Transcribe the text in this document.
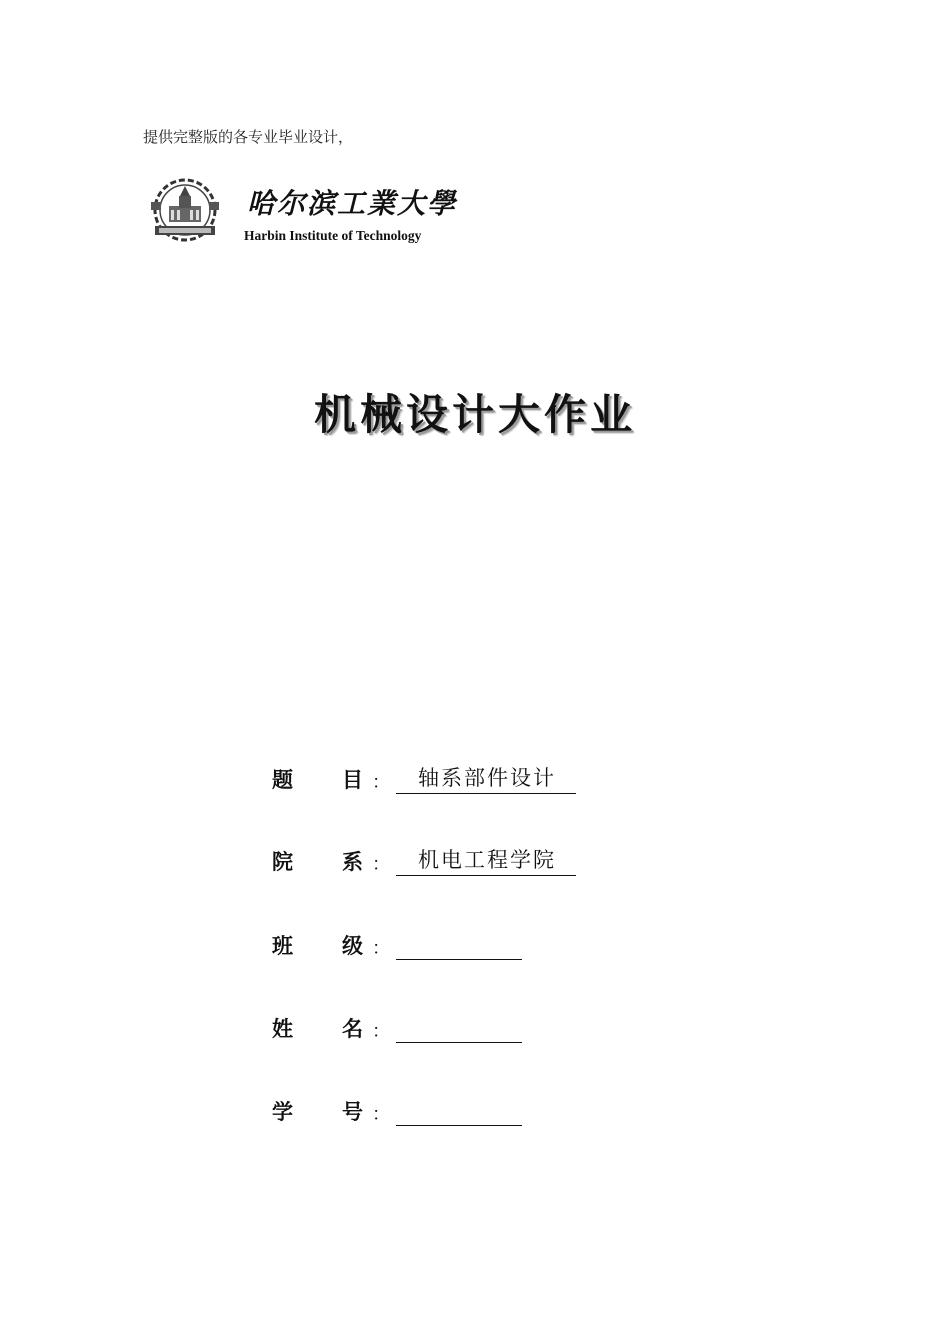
提供完整版的各专业毕业设计，
哈尔滨工業大學
Harbin Institute of Technology
机械设计大作业
题	目 ：	轴系部件设计
院	系 ：	机电工程学院
班	级 ：
姓	名 ：
学	号 ：
